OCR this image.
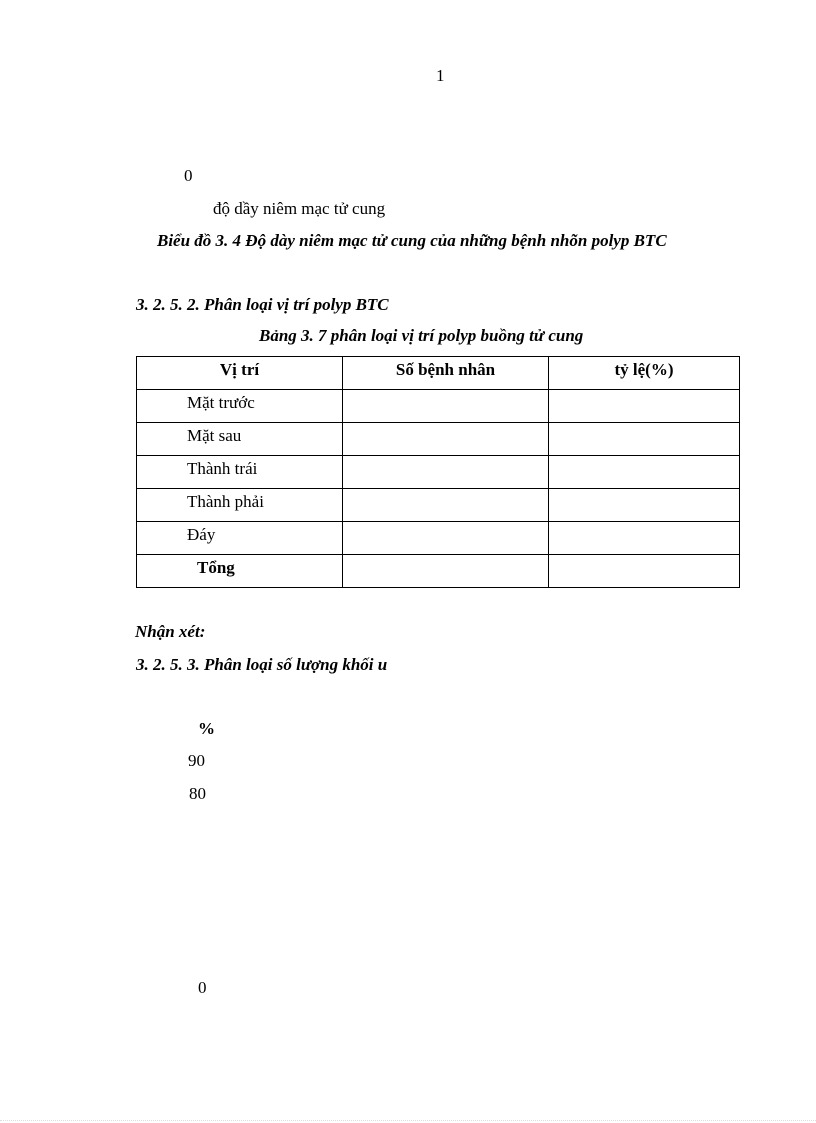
1
0
độ dầy niêm mạc tử cung
Biểu đồ 3. 4 Độ dày niêm mạc tử cung của những bệnh nhõn polyp BTC
3. 2. 5. 2. Phân loại vị trí polyp BTC
Bảng 3. 7 phân loại vị trí polyp buồng tử cung
Vị trí	Số bệnh nhân	tỷ lệ(%)
Mặt trước		
Mặt sau		
Thành trái		
Thành phải		
Đáy		
Tổng		
Nhận xét:
3. 2. 5. 3. Phân loại số lượng khối u
%
90
80
0
